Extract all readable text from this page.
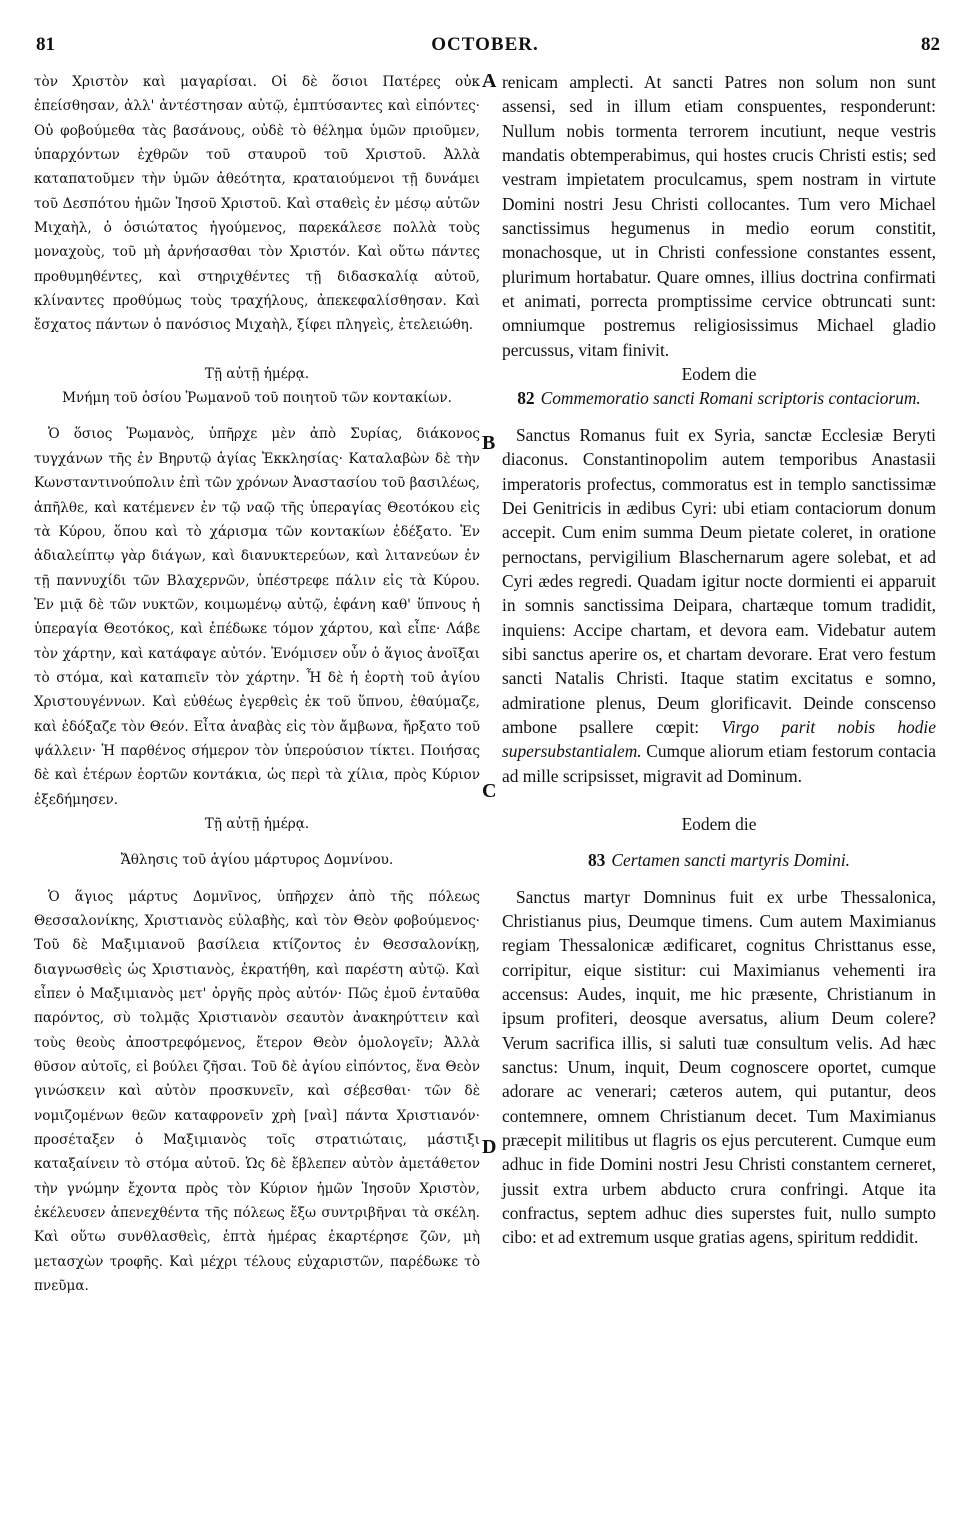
81	OCTOBER.	82
A
B
C
D

τὸν Χριστὸν καὶ μαγαρίσαι. Οἱ δὲ ὅσιοι Πατέρες οὐκ ἐπείσθησαν, ἀλλ' ἀντέστησαν αὐτῷ, ἐμπτύσαντες καὶ εἰπόντες· Οὐ φοβούμεθα τὰς βασάνους, οὐδὲ τὸ θέλημα ὑμῶν πριοῦμεν, ὑπαρχόντων ἐχθρῶν τοῦ σταυροῦ τοῦ Χριστοῦ. Ἀλλὰ καταπατοῦμεν τὴν ὑμῶν ἀθεότητα, κραταιούμενοι τῇ δυνάμει τοῦ Δεσπότου ἡμῶν Ἰησοῦ Χριστοῦ. Καὶ σταθεὶς ἐν μέσῳ αὐτῶν Μιχαὴλ, ὁ ὁσιώτατος ἡγούμενος, παρεκάλεσε πολλὰ τοὺς μοναχοὺς, τοῦ μὴ ἀρνήσασθαι τὸν Χριστόν. Καὶ οὕτω πάντες προθυμηθέντες, καὶ στηριχθέντες τῇ διδασκαλίᾳ αὐτοῦ, κλίναντες προθύμως τοὺς τραχήλους, ἀπεκεφαλίσθησαν. Καὶ ἔσχατος πάντων ὁ πανόσιος Μιχαὴλ, ξίφει πληγεὶς, ἐτελειώθη.

Τῇ αὐτῇ ἡμέρᾳ.

Μνήμη τοῦ ὁσίου Ῥωμανοῦ τοῦ ποιητοῦ τῶν κοντακίων.

Ὁ ὅσιος Ῥωμανὸς, ὑπῆρχε μὲν ἀπὸ Συρίας, διάκονος τυγχάνων τῆς ἐν Βηρυτῷ ἁγίας Ἐκκλησίας· Καταλαβὼν δὲ τὴν Κωνσταντινούπολιν ἐπὶ τῶν χρόνων Ἀναστασίου τοῦ βασιλέως, ἀπῆλθε, καὶ κατέμενεν ἐν τῷ ναῷ τῆς ὑπεραγίας Θεοτόκου εἰς τὰ Κύρου, ὅπου καὶ τὸ χάρισμα τῶν κοντακίων ἐδέξατο. Ἐν ἀδιαλείπτῳ γὰρ διάγων, καὶ διανυκτερεύων, καὶ λιτανεύων ἐν τῇ παννυχίδι τῶν Βλαχερνῶν, ὑπέστρεφε πάλιν εἰς τὰ Κύρου. Ἐν μιᾷ δὲ τῶν νυκτῶν, κοιμωμένῳ αὐτῷ, ἐφάνη καθ' ὕπνους ἡ ὑπεραγία Θεοτόκος, καὶ ἐπέδωκε τόμον χάρτου, καὶ εἶπε· Λάβε τὸν χάρτην, καὶ κατάφαγε αὐτόν. Ἐνόμισεν οὖν ὁ ἅγιος ἀνοῖξαι τὸ στόμα, καὶ καταπιεῖν τὸν χάρτην. Ἦ δὲ ἡ ἑορτὴ τοῦ ἁγίου Χριστουγέννων. Καὶ εὐθέως ἐγερθεὶς ἐκ τοῦ ὕπνου, ἐθαύμαζε, καὶ ἐδόξαζε τὸν Θεόν. Εἶτα ἀναβὰς εἰς τὸν ἄμβωνα, ἤρξατο τοῦ ψάλλειν· Ἡ παρθένος σήμερον τὸν ὑπερούσιον τίκτει. Ποιήσας δὲ καὶ ἑτέρων ἑορτῶν κοντάκια, ὡς περὶ τὰ χίλια, πρὸς Κύριον ἐξεδήμησεν.

Τῇ αὐτῇ ἡμέρᾳ.

Ἄθλησις τοῦ ἁγίου μάρτυρος Δομνίνου.

Ὁ ἅγιος μάρτυς Δομνῖνος, ὑπῆρχεν ἀπὸ τῆς πόλεως Θεσσαλονίκης, Χριστιανὸς εὐλαβὴς, καὶ τὸν Θεὸν φοβούμενος· Τοῦ δὲ Μαξιμιανοῦ βασίλεια κτίζοντος ἐν Θεσσαλονίκῃ, διαγνωσθεὶς ὡς Χριστιανὸς, ἐκρατήθη, καὶ παρέστη αὐτῷ. Καὶ εἶπεν ὁ Μαξιμιανὸς μετ' ὀργῆς πρὸς αὐτόν· Πῶς ἐμοῦ ἐνταῦθα παρόντος, σὺ τολμᾷς Χριστιανὸν σεαυτὸν ἀνακηρύττειν καὶ τοὺς θεοὺς ἀποστρεφόμενος, ἕτερον Θεὸν ὁμολογεῖν; Ἀλλὰ θῦσον αὐτοῖς, εἰ βούλει ζῆσαι. Τοῦ δὲ ἁγίου εἰπόντος, ἕνα Θεὸν γινώσκειν καὶ αὐτὸν προσκυνεῖν, καὶ σέβεσθαι· τῶν δὲ νομιζομένων θεῶν καταφρονεῖν χρὴ [ναὶ] πάντα Χριστιανόν· προσέταξεν ὁ Μαξιμιανὸς τοῖς στρατιώταις, μάστιξι καταξαίνειν τὸ στόμα αὐτοῦ. Ὡς δὲ ἔβλεπεν αὐτὸν ἀμετάθετον τὴν γνώμην ἔχοντα πρὸς τὸν Κύριον ἡμῶν Ἰησοῦν Χριστὸν, ἐκέλευσεν ἀπενεχθέντα τῆς πόλεως ἔξω συντριβῆναι τὰ σκέλη. Καὶ οὕτω συνθλασθεὶς, ἑπτὰ ἡμέρας ἐκαρτέρησε ζῶν, μὴ μετασχὼν τροφῆς. Καὶ μέχρι τέλους εὐχαριστῶν, παρέδωκε τὸ πνεῦμα.

renicam amplecti. At sancti Patres non solum non sunt assensi, sed in illum etiam conspuentes, responderunt: Nullum nobis tormenta terrorem incutiunt, neque vestris mandatis obtemperabimus, qui hostes crucis Christi estis; sed vestram impietatem proculcamus, spem nostram in virtute Domini nostri Jesu Christi collocantes. Tum vero Michael sanctissimus hegumenus in medio eorum constitit, monachosque, ut in Christi confessione constantes essent, plurimum hortabatur. Quare omnes, illius doctrina confirmati et animati, porrecta promptissime cervice obtruncati sunt: omniumque postremus religiosissimus Michael gladio percussus, vitam finivit.

Eodem die

82 Commemoratio sancti Romani scriptoris contaciorum.

Sanctus Romanus fuit ex Syria, sanctæ Ecclesiæ Beryti diaconus. Constantinopolim autem temporibus Anastasii imperatoris profectus, commoratus est in templo sanctissimæ Dei Genitricis in ædibus Cyri: ubi etiam contaciorum donum accepit. Cum enim summa Deum pietate coleret, in oratione pernoctans, pervigilium Blaschernarum agere solebat, et ad Cyri ædes regredi. Quadam igitur nocte dormienti ei apparuit in somnis sanctissima Deipara, chartæque tomum tradidit, inquiens: Accipe chartam, et devora eam. Videbatur autem sibi sanctus aperire os, et chartam devorare. Erat vero festum sancti Natalis Christi. Itaque statim excitatus e somno, admiratione plenus, Deum glorificavit. Deinde conscenso ambone psallere cœpit: Virgo parit nobis hodie supersubstantialem. Cumque aliorum etiam festorum contacia ad mille scripsisset, migravit ad Dominum.

Eodem die

83 Certamen sancti martyris Domini.

Sanctus martyr Domninus fuit ex urbe Thessalonica, Christianus pius, Deumque timens. Cum autem Maximianus regiam Thessalonicæ ædificaret, cognitus Christtanus esse, corripitur, eique sistitur: cui Maximianus vehementi ira accensus: Audes, inquit, me hic præsente, Christianum in ipsum profiteri, deosque aversatus, alium Deum colere? Verum sacrifica illis, si saluti tuæ consultum velis. Ad hæc sanctus: Unum, inquit, Deum cognoscere oportet, cumque adorare ac venerari; cæteros autem, qui putantur, deos contemnere, omnem Christianum decet. Tum Maximianus præcepit militibus ut flagris os ejus percuterent. Cumque eum adhuc in fide Domini nostri Jesu Christi constantem cerneret, jussit extra urbem abducto crura confringi. Atque ita confractus, septem adhuc dies superstes fuit, nullo sumpto cibo: et ad extremum usque gratias agens, spiritum reddidit.
